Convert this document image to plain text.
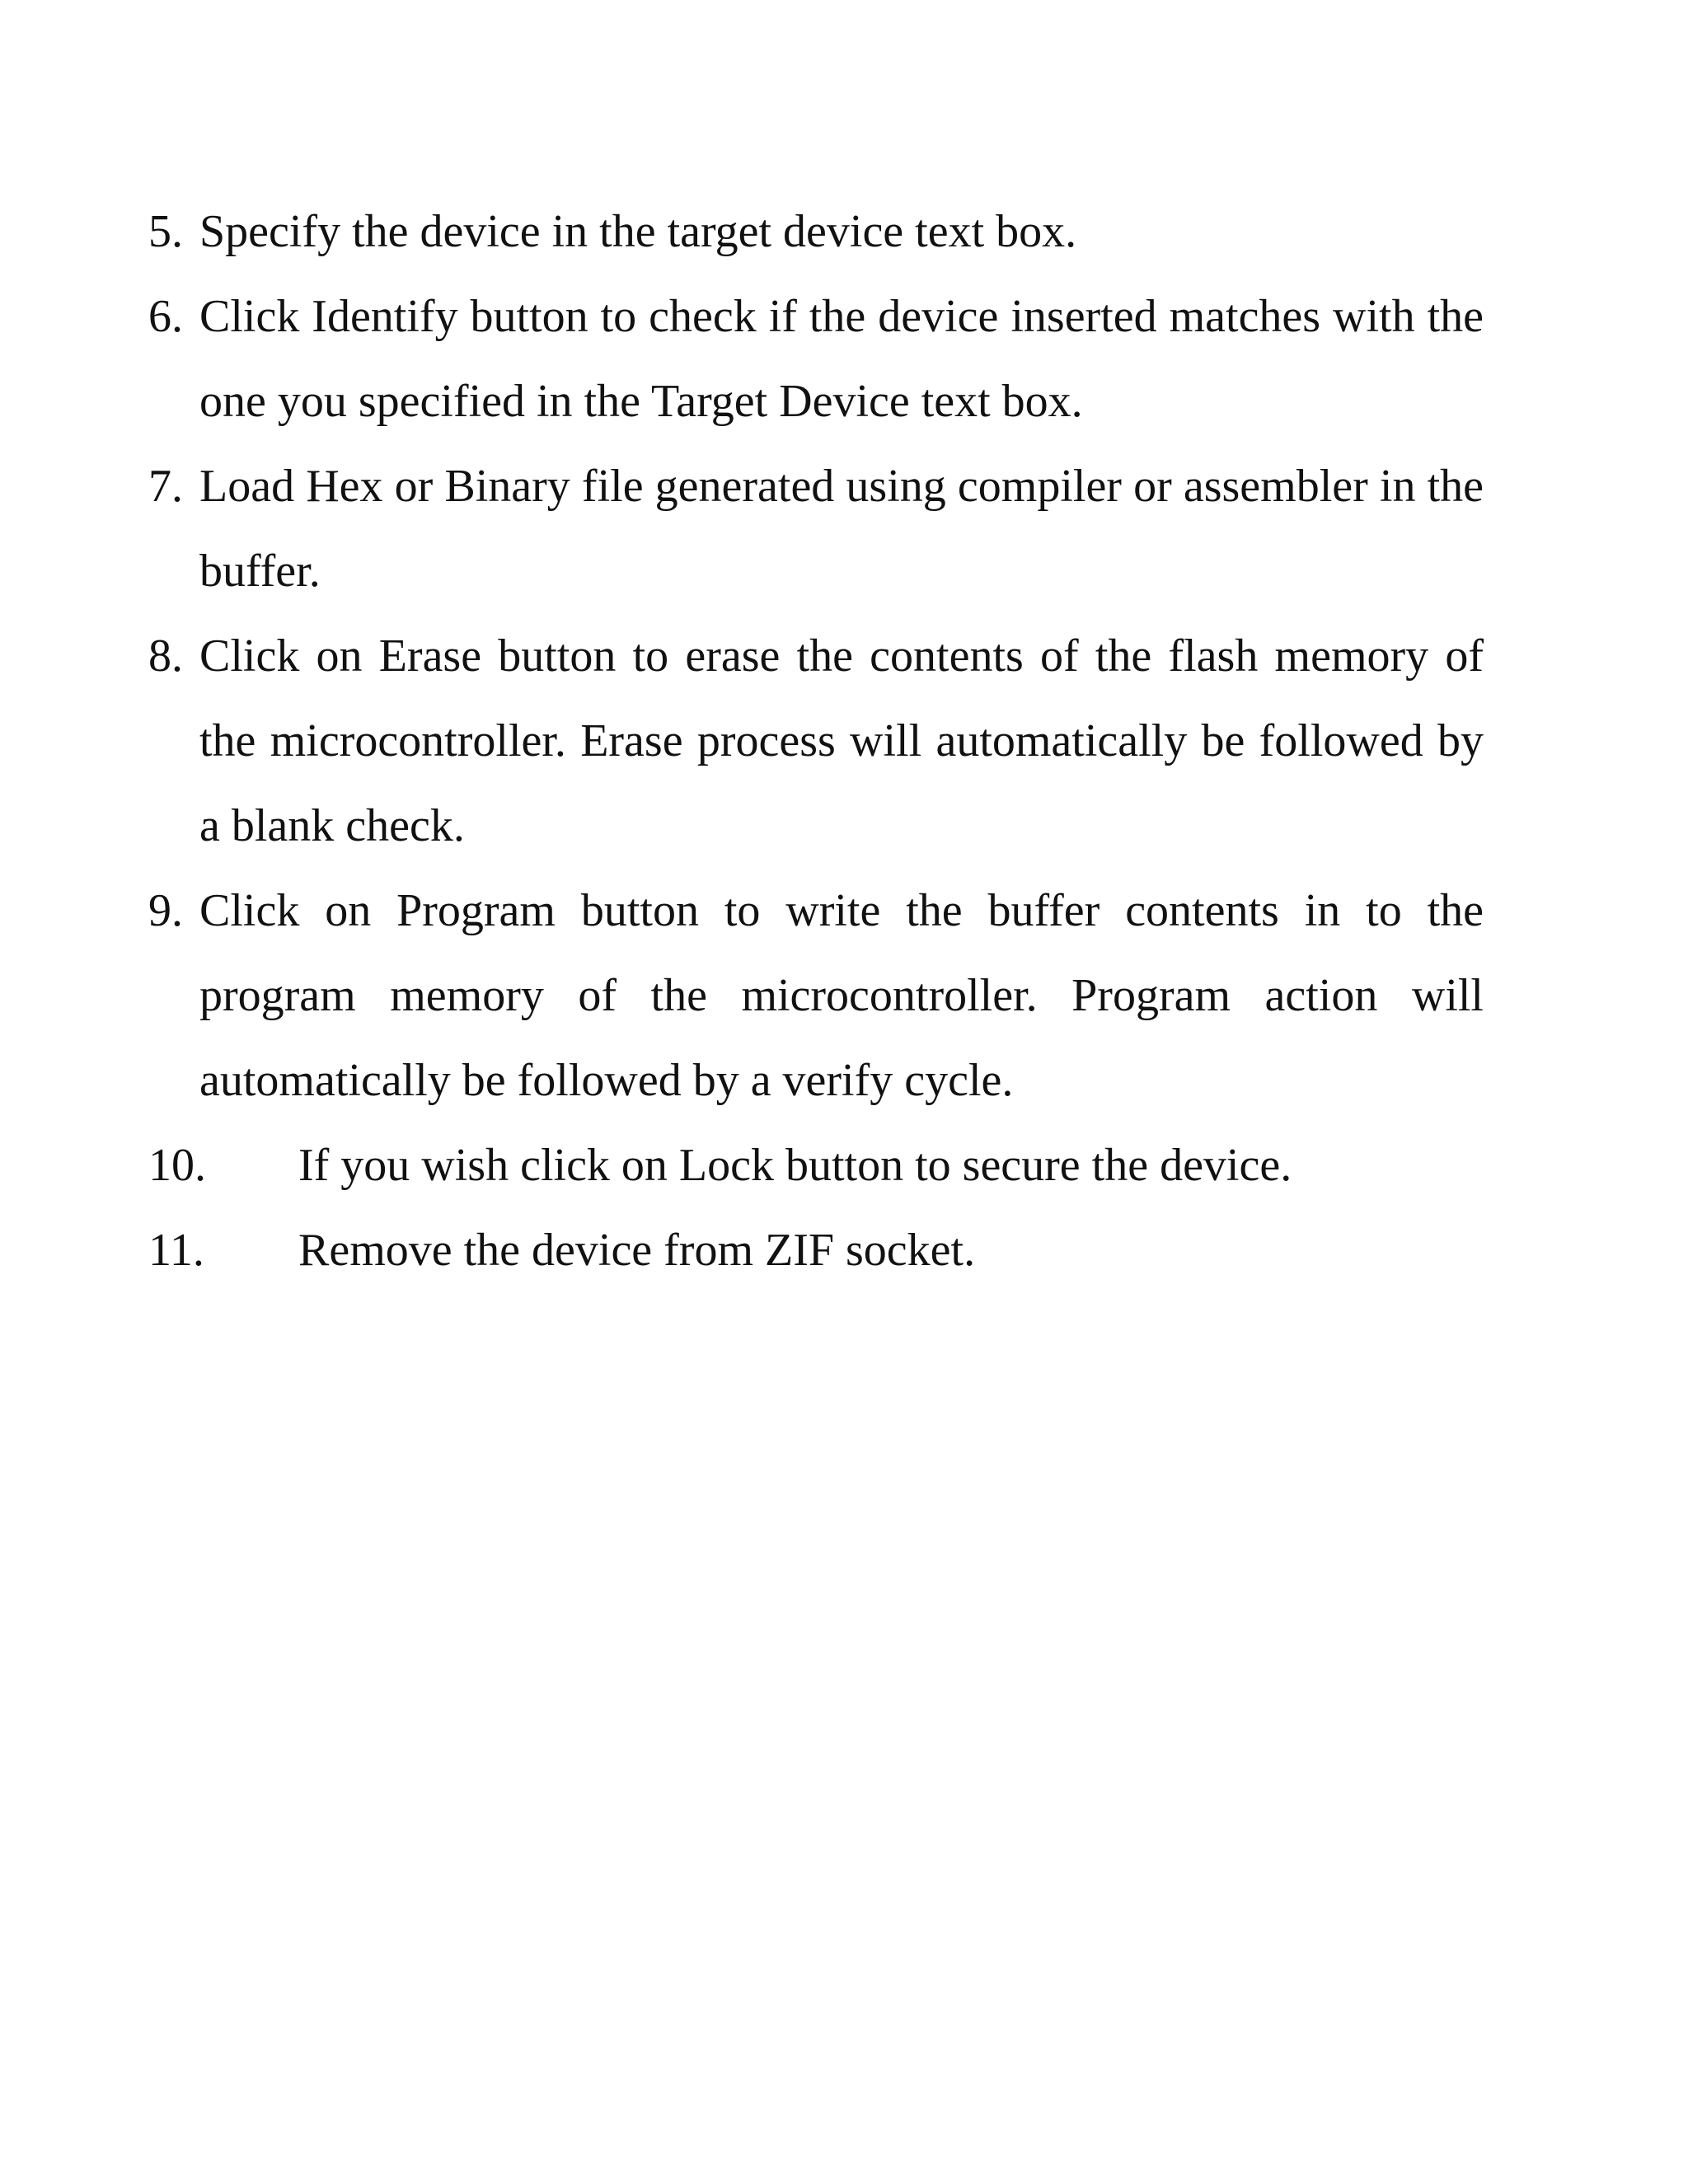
5. Specify the device in the target device text box.
6. Click Identify button to check if the device inserted matches with the one you specified in the Target Device text box.
7. Load Hex or Binary file generated using compiler or assembler in the buffer.
8. Click on Erase button to erase the contents of the flash memory of the microcontroller. Erase process will automatically be followed by a blank check.
9. Click on Program button to write the buffer contents in to the program memory of the microcontroller. Program action will automatically be followed by a verify cycle.
10.	If you wish click on Lock button to secure the device.
11.	Remove the device from ZIF socket.
